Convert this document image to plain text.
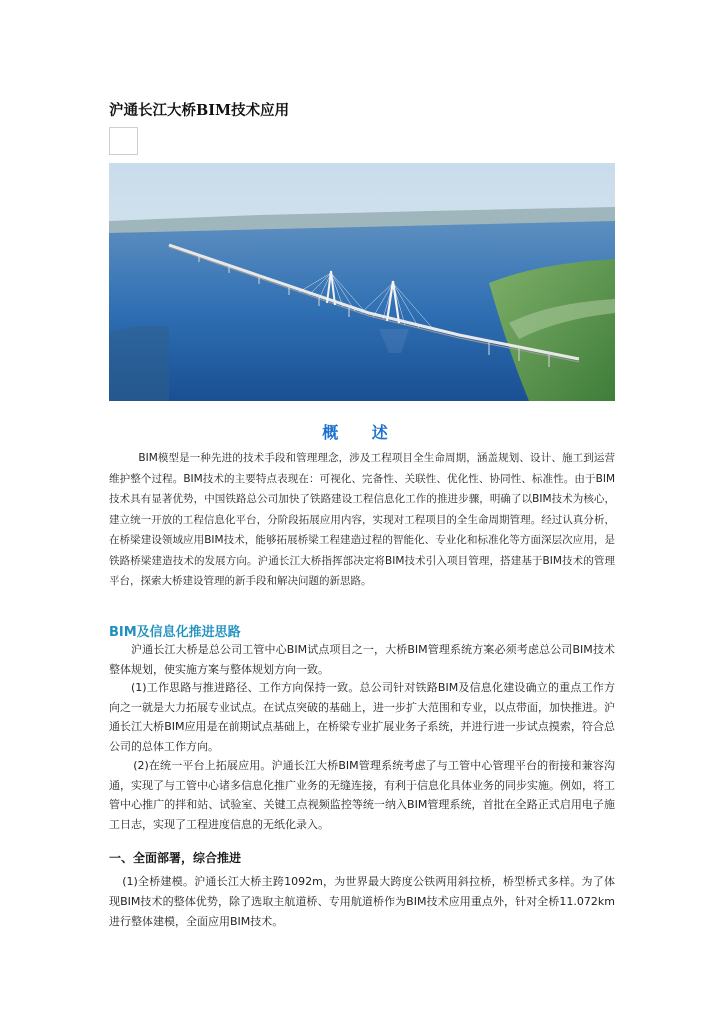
沪通长江大桥BIM技术应用
概 述

BIM模型是一种先进的技术手段和管理理念，涉及工程项目全生命周期，涵盖规划、设计、施工到运营维护整个过程。BIM技术的主要特点表现在：可视化、完备性、关联性、优化性、协同性、标准性。由于BIM技术具有显著优势，中国铁路总公司加快了铁路建设工程信息化工作的推进步骤，明确了以BIM技术为核心，建立统一开放的工程信息化平台，分阶段拓展应用内容，实现对工程项目的全生命周期管理。经过认真分析，在桥梁建设领域应用BIM技术，能够拓展桥梁工程建造过程的智能化、专业化和标准化等方面深层次应用，是铁路桥梁建造技术的发展方向。沪通长江大桥指挥部决定将BIM技术引入项目管理，搭建基于BIM技术的管理平台，探索大桥建设管理的新手段和解决问题的新思路。

BIM及信息化推进思路

沪通长江大桥是总公司工管中心BIM试点项目之一，大桥BIM管理系统方案必须考虑总公司BIM技术整体规划，使实施方案与整体规划方向一致。

(1)工作思路与推进路径、工作方向保持一致。总公司针对铁路BIM及信息化建设确立的重点工作方向之一就是大力拓展专业试点。在试点突破的基础上，进一步扩大范围和专业，以点带面，加快推进。沪通长江大桥BIM应用是在前期试点基础上，在桥梁专业扩展业务子系统，并进行进一步试点摸索，符合总公司的总体工作方向。

(2)在统一平台上拓展应用。沪通长江大桥BIM管理系统考虑了与工管中心管理平台的衔接和兼容沟通，实现了与工管中心诸多信息化推广业务的无缝连接，有利于信息化具体业务的同步实施。例如，将工管中心推广的拌和站、试验室、关键工点视频监控等统一纳入BIM管理系统，首批在全路正式启用电子施工日志，实现了工程进度信息的无纸化录入。

一、全面部署，综合推进

(1)全桥建模。沪通长江大桥主跨1092m，为世界最大跨度公铁两用斜拉桥，桥型桥式多样。为了体现BIM技术的整体优势，除了选取主航道桥、专用航道桥作为BIM技术应用重点外，针对全桥11.072km进行整体建模，全面应用BIM技术。
